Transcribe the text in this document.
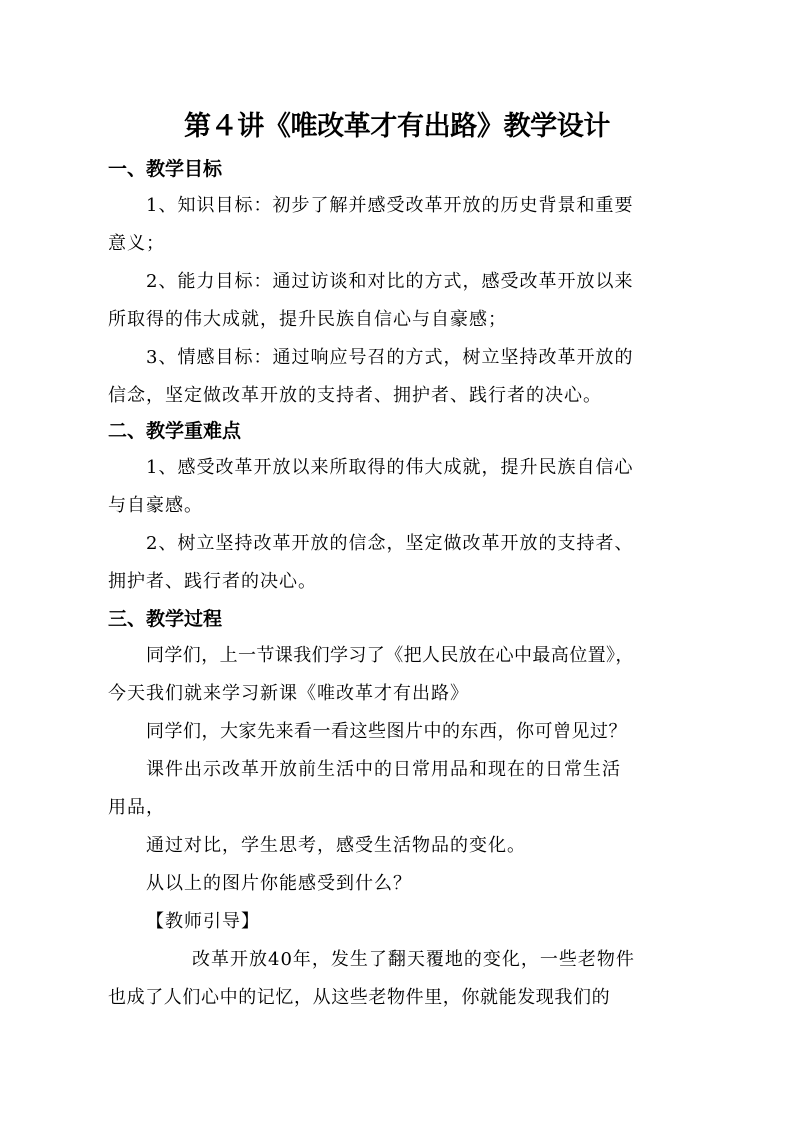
第４讲《唯改革才有出路》教学设计
一、教学目标
1、知识目标：初步了解并感受改革开放的历史背景和重要
意义；
2、能力目标：通过访谈和对比的方式，感受改革开放以来
所取得的伟大成就，提升民族自信心与自豪感；
3、情感目标：通过响应号召的方式，树立坚持改革开放的
信念，坚定做改革开放的支持者、拥护者、践行者的决心。
二、教学重难点
1、感受改革开放以来所取得的伟大成就，提升民族自信心
与自豪感。
2、树立坚持改革开放的信念，坚定做改革开放的支持者、
拥护者、践行者的决心。
三、教学过程
同学们，上一节课我们学习了《把人民放在心中最高位置》，
今天我们就来学习新课《唯改革才有出路》
同学们，大家先来看一看这些图片中的东西，你可曾见过？
课件出示改革开放前生活中的日常用品和现在的日常生活
用品，
通过对比，学生思考，感受生活物品的变化。
从以上的图片你能感受到什么？
【教师引导】
改革开放40年，发生了翻天覆地的变化，一些老物件
也成了人们心中的记忆，从这些老物件里，你就能发现我们的
